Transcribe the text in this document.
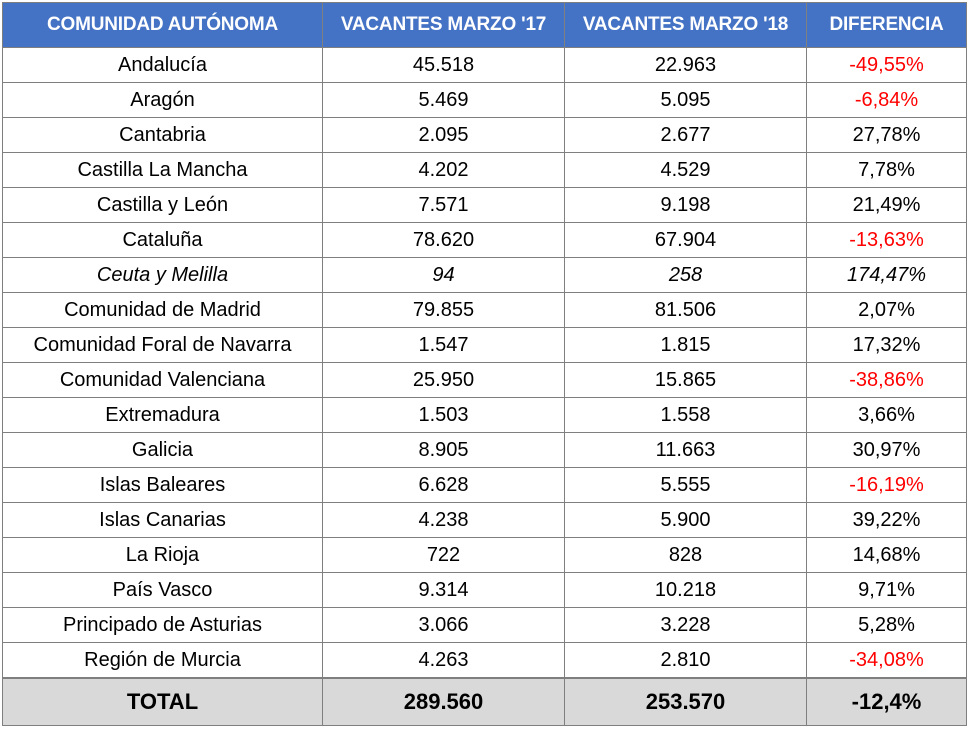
COMUNIDAD AUTÓNOMA	VACANTES MARZO '17	VACANTES MARZO '18	DIFERENCIA
Andalucía	45.518	22.963	-49,55%
Aragón	5.469	5.095	-6,84%
Cantabria	2.095	2.677	27,78%
Castilla La Mancha	4.202	4.529	7,78%
Castilla y León	7.571	9.198	21,49%
Cataluña	78.620	67.904	-13,63%
Ceuta y Melilla	94	258	174,47%
Comunidad de Madrid	79.855	81.506	2,07%
Comunidad Foral de Navarra	1.547	1.815	17,32%
Comunidad Valenciana	25.950	15.865	-38,86%
Extremadura	1.503	1.558	3,66%
Galicia	8.905	11.663	30,97%
Islas Baleares	6.628	5.555	-16,19%
Islas Canarias	4.238	5.900	39,22%
La Rioja	722	828	14,68%
País Vasco	9.314	10.218	9,71%
Principado de Asturias	3.066	3.228	5,28%
Región de Murcia	4.263	2.810	-34,08%
TOTAL	289.560	253.570	-12,4%
